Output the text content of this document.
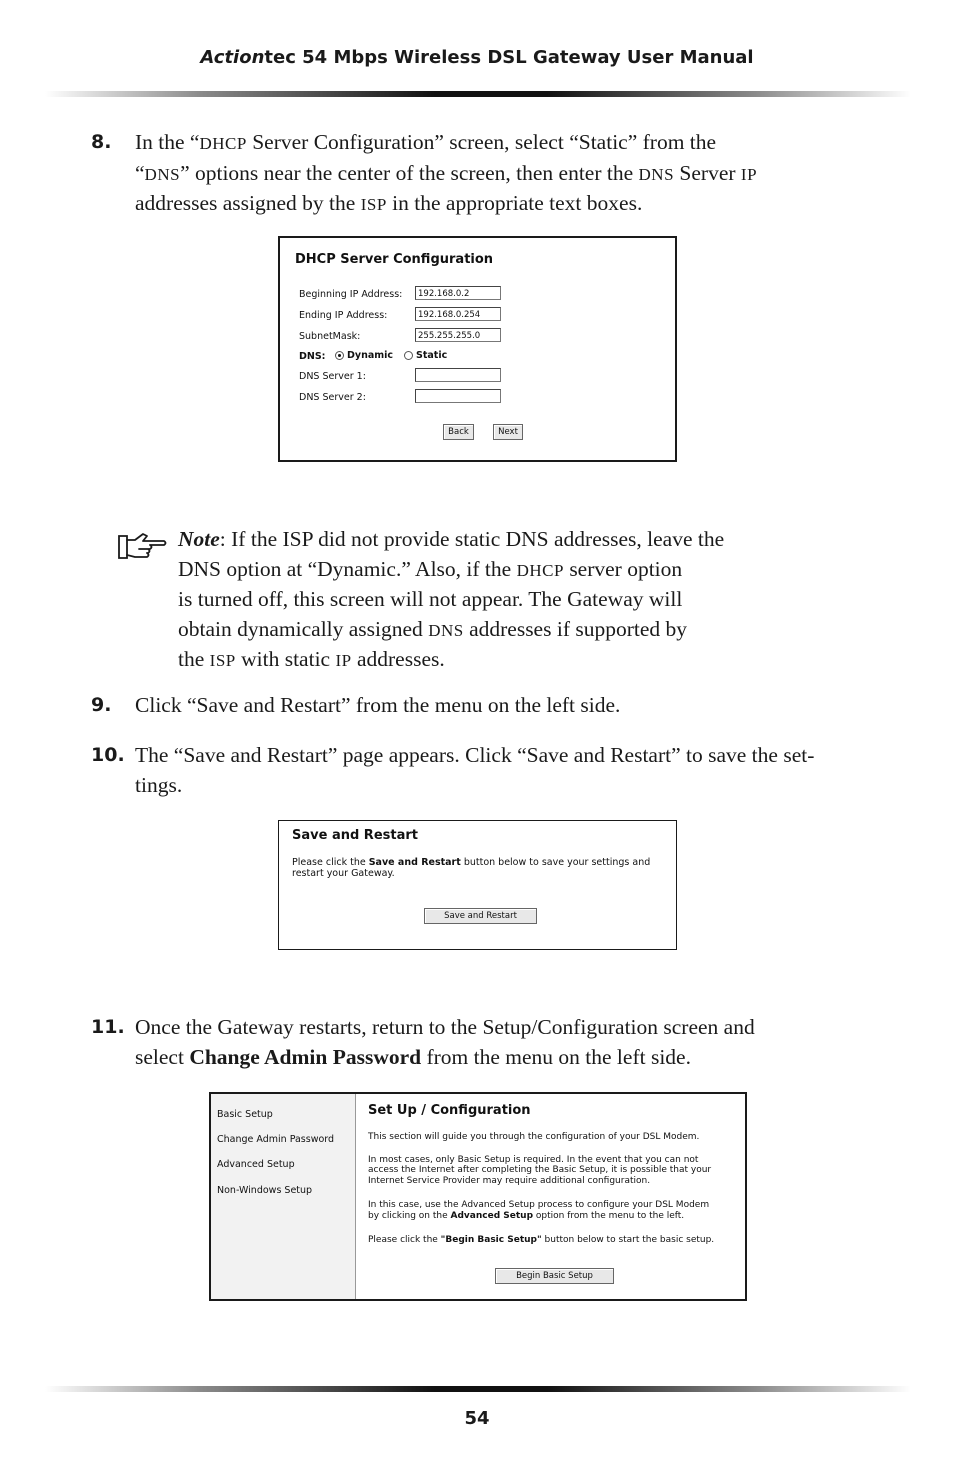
Actiontec 54 Mbps Wireless DSL Gateway User Manual
8. In the “DHCP Server Configuration” screen, select “Static” from the
“DNS” options near the center of the screen, then enter the DNS Server IP
addresses assigned by the ISP in the appropriate text boxes.
DHCP Server Configuration
Beginning IP Address:	192.168.0.2
Ending IP Address:	192.168.0.254
SubnetMask:	255.255.255.0
DNS:	Dynamic	Static
DNS Server 1:
DNS Server 2:
Back	Next
Note: If the ISP did not provide static DNS addresses, leave the
DNS option at “Dynamic.” Also, if the DHCP server option
is turned off, this screen will not appear. The Gateway will
obtain dynamically assigned DNS addresses if supported by
the ISP with static IP addresses.
9. Click “Save and Restart” from the menu on the left side.
10. The “Save and Restart” page appears. Click “Save and Restart” to save the set-
tings.
Save and Restart
Please click the Save and Restart button below to save your settings and
restart your Gateway.
Save and Restart
11. Once the Gateway restarts, return to the Setup/Configuration screen and
select Change Admin Password from the menu on the left side.
Basic Setup
Change Admin Password
Advanced Setup
Non-Windows Setup
Set Up / Configuration
This section will guide you through the configuration of your DSL Modem.
In most cases, only Basic Setup is required. In the event that you can not
access the Internet after completing the Basic Setup, it is possible that your
Internet Service Provider may require additional configuration.
In this case, use the Advanced Setup process to configure your DSL Modem
by clicking on the Advanced Setup option from the menu to the left.
Please click the "Begin Basic Setup" button below to start the basic setup.
Begin Basic Setup
54
